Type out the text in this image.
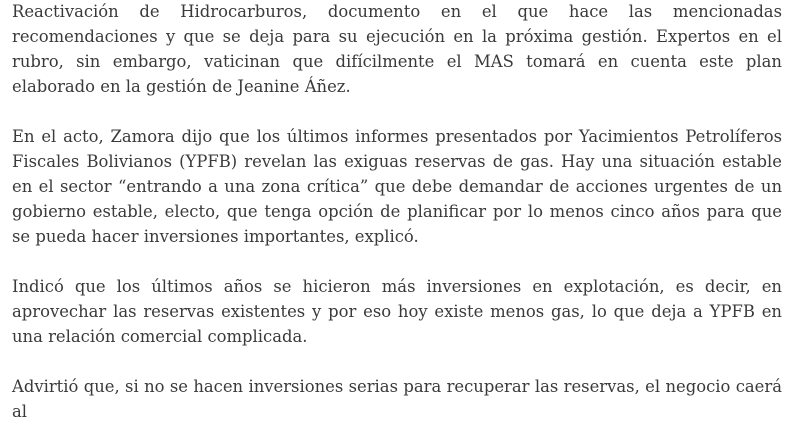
Reactivación de Hidrocarburos, documento en el que hace las mencionadas recomendaciones y que se deja para su ejecución en la próxima gestión. Expertos en el rubro, sin embargo, vaticinan que difícilmente el MAS tomará en cuenta este plan elaborado en la gestión de Jeanine Áñez.

En el acto, Zamora dijo que los últimos informes presentados por Yacimientos Petrolíferos Fiscales Bolivianos (YPFB) revelan las exiguas reservas de gas. Hay una situación estable en el sector “entrando a una zona crítica” que debe demandar de acciones urgentes de un gobierno estable, electo, que tenga opción de planificar por lo menos cinco años para que se pueda hacer inversiones importantes, explicó.

Indicó que los últimos años se hicieron más inversiones en explotación, es decir, en aprovechar las reservas existentes y por eso hoy existe menos gas, lo que deja a YPFB en una relación comercial complicada.

Advirtió que, si no se hacen inversiones serias para recuperar las reservas, el negocio caerá al
